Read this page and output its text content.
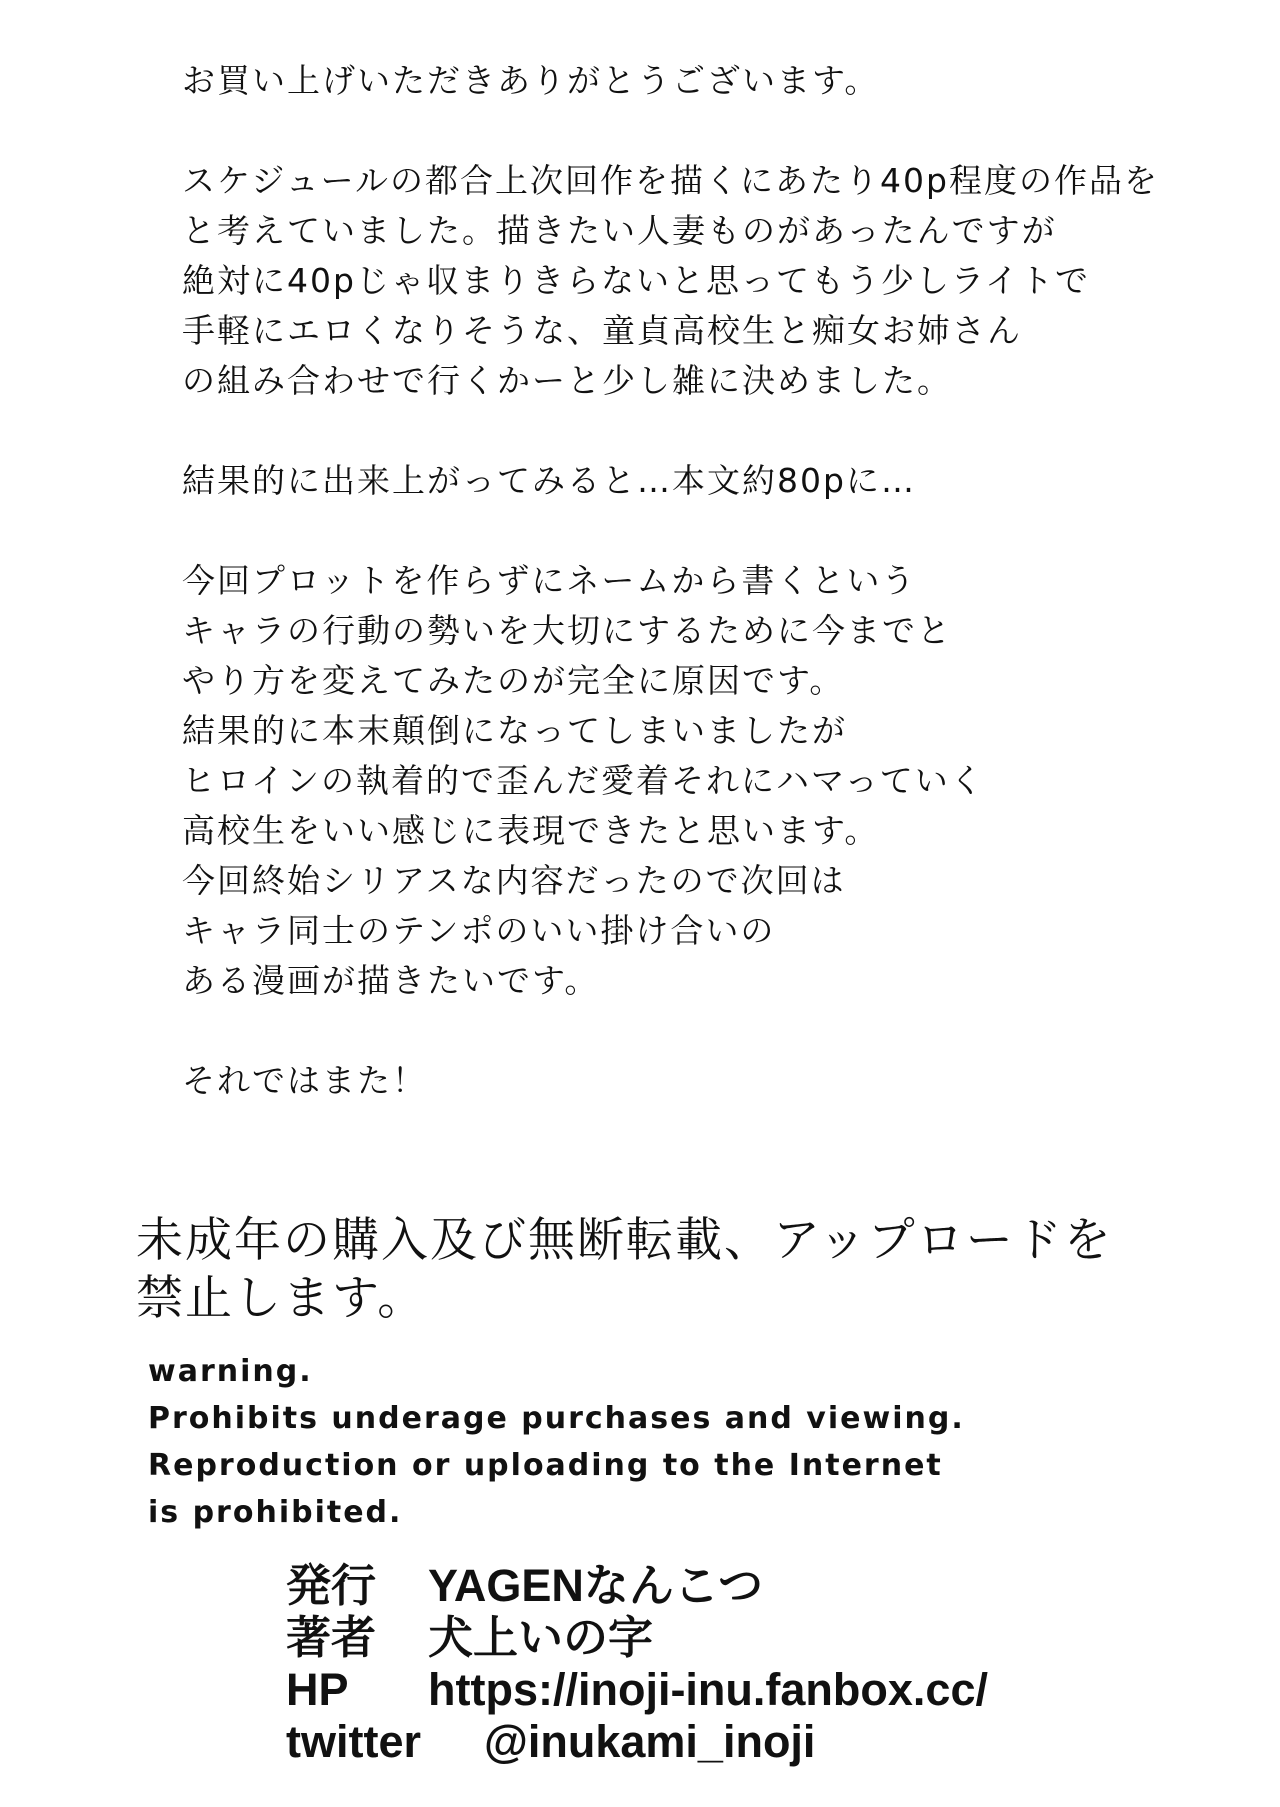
お買い上げいただきありがとうございます。

スケジュールの都合上次回作を描くにあたり40p程度の作品を

と考えていました。描きたい人妻ものがあったんですが

絶対に40pじゃ収まりきらないと思ってもう少しライトで

手軽にエロくなりそうな、童貞高校生と痴女お姉さん

の組み合わせで行くかーと少し雑に決めました。

結果的に出来上がってみると…本文約80pに…

今回プロットを作らずにネームから書くという

キャラの行動の勢いを大切にするために今までと

やり方を変えてみたのが完全に原因です。

結果的に本末顛倒になってしまいましたが

ヒロインの執着的で歪んだ愛着それにハマっていく

高校生をいい感じに表現できたと思います。

今回終始シリアスな内容だったので次回は

キャラ同士のテンポのいい掛け合いの

ある漫画が描きたいです。

それではまた！

未成年の購入及び無断転載、アップロードを

禁止します。

warning.

Prohibits underage purchases and viewing.

Reproduction or uploading to the Internet

is prohibited.

発行	YAGENなんこつ
著者	犬上いの字
HP	https://inoji-inu.fanbox.cc/
twitter	@inukami_inoji
